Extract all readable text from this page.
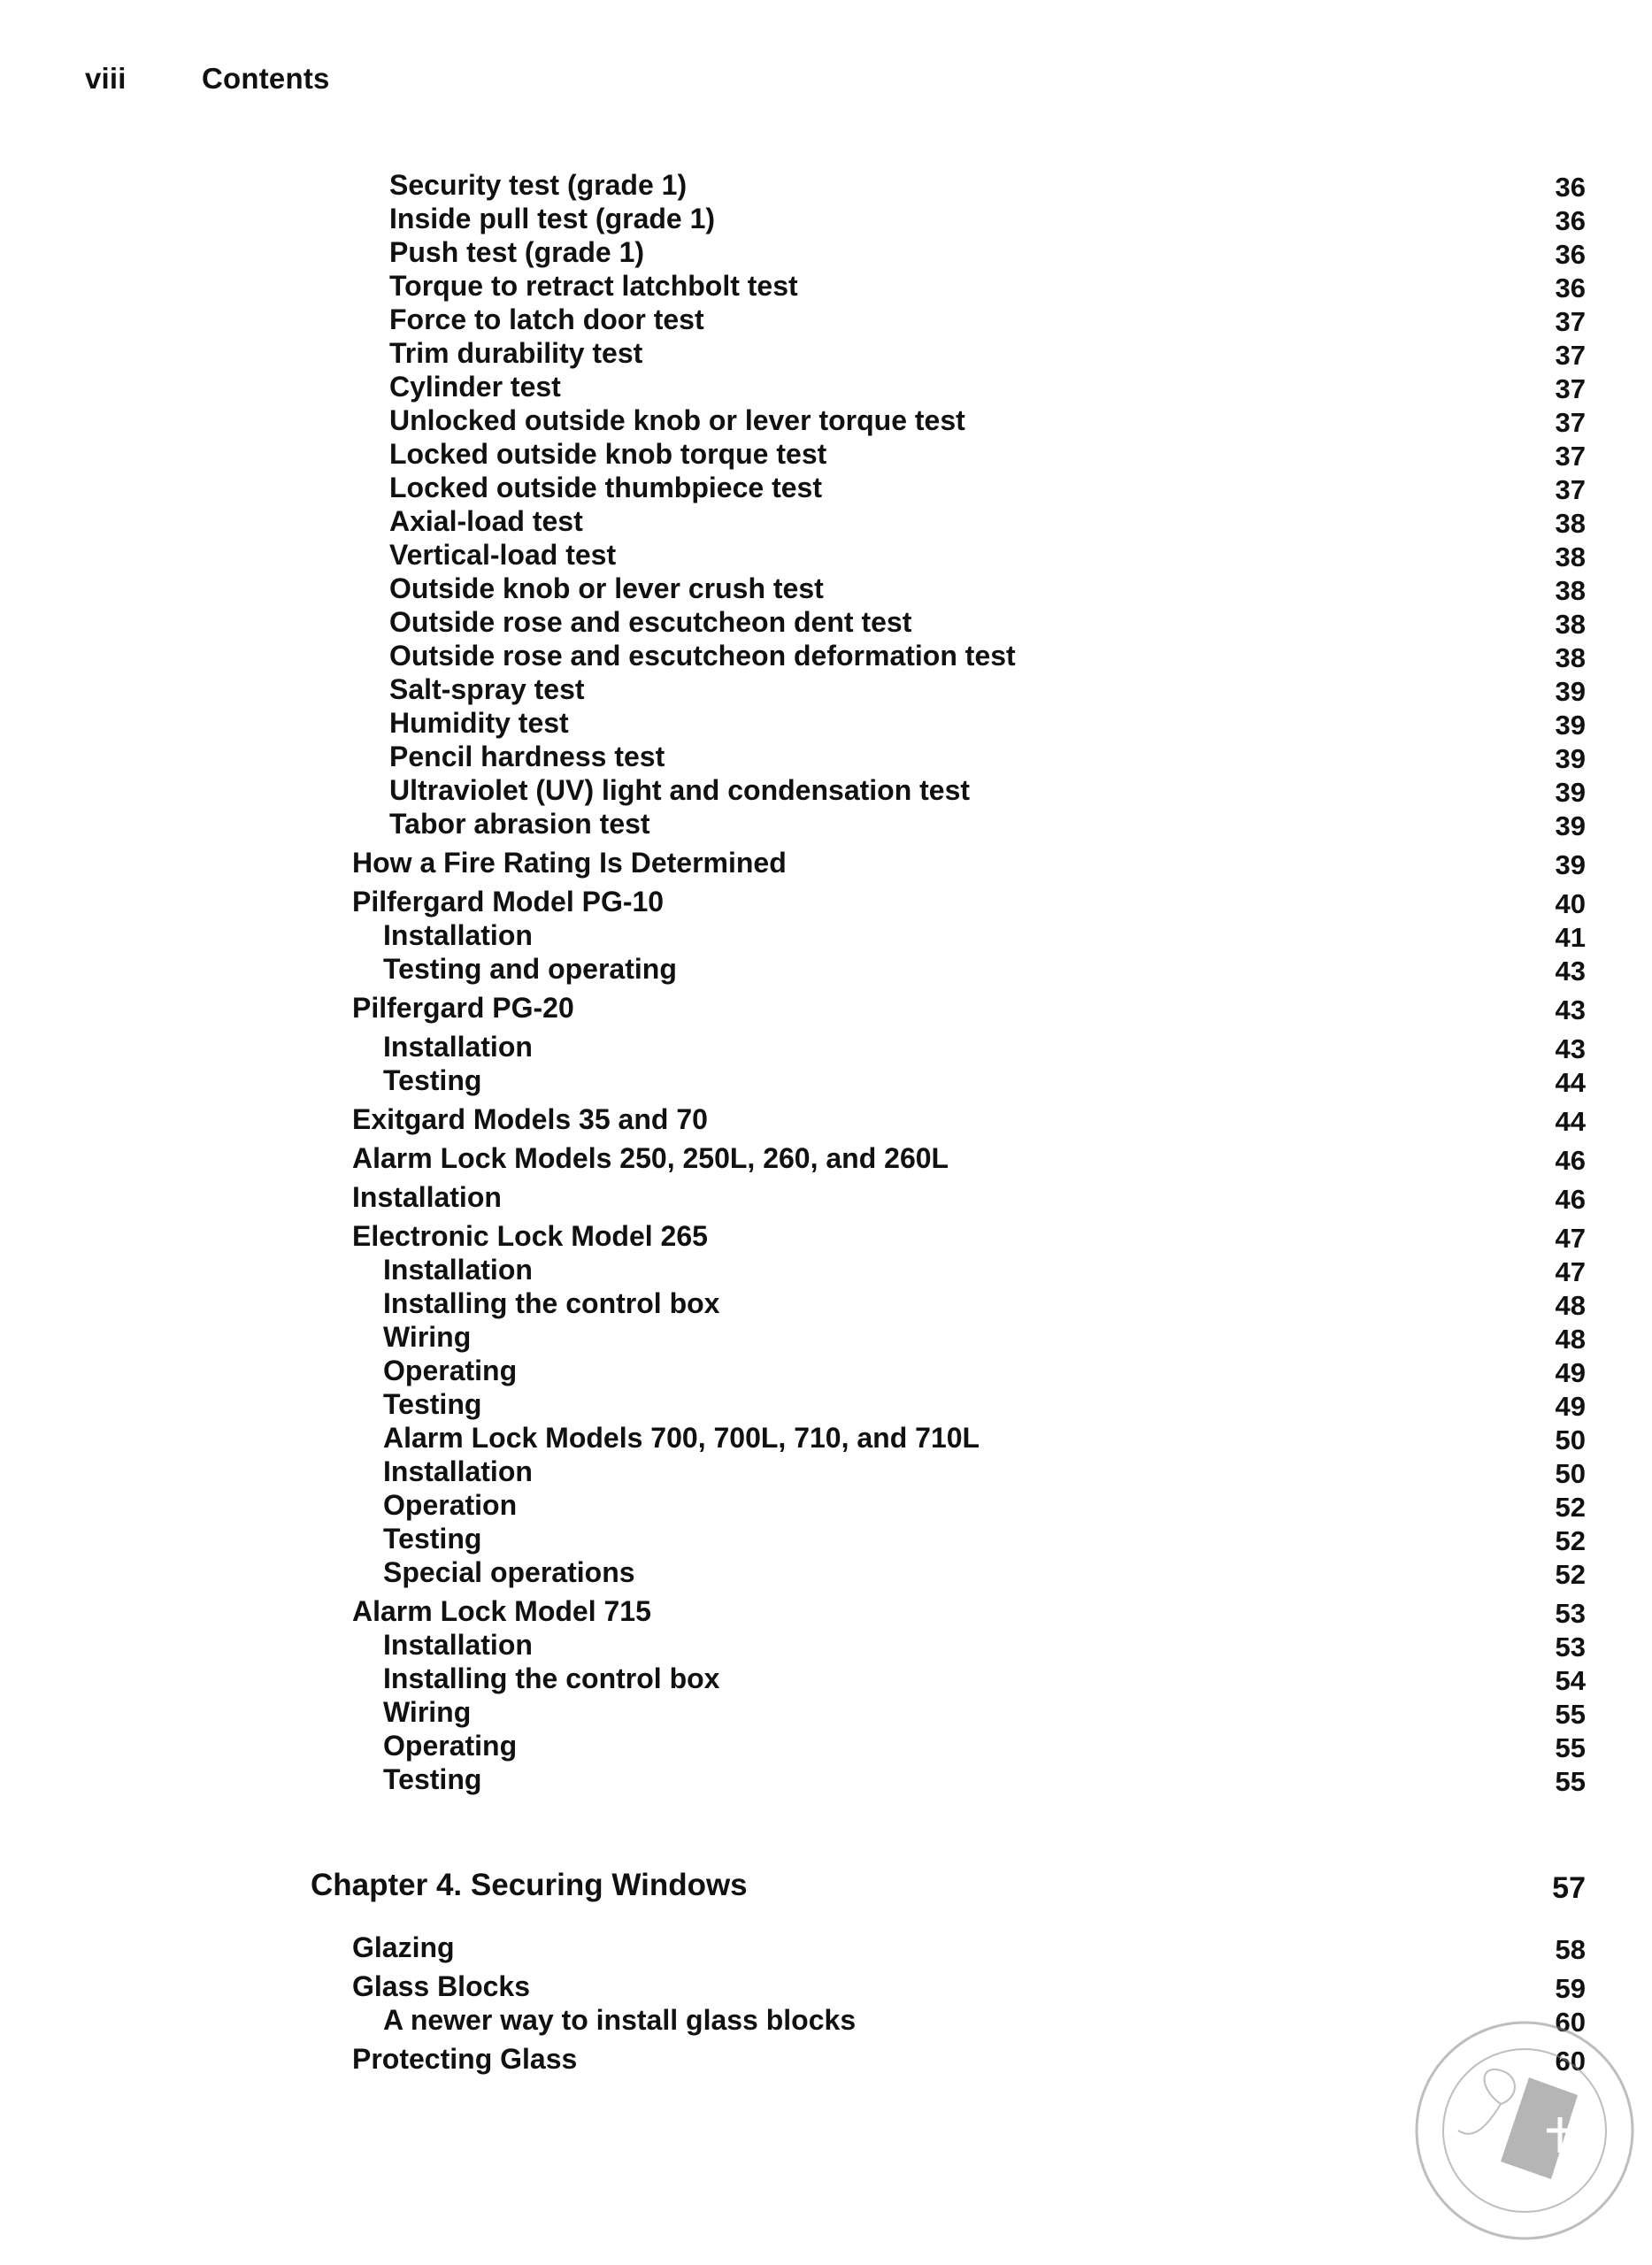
viii	Contents
Security test (grade 1)	36
Inside pull test (grade 1)	36
Push test (grade 1)	36
Torque to retract latchbolt test	36
Force to latch door test	37
Trim durability test	37
Cylinder test	37
Unlocked outside knob or lever torque test	37
Locked outside knob torque test	37
Locked outside thumbpiece test	37
Axial-load test	38
Vertical-load test	38
Outside knob or lever crush test	38
Outside rose and escutcheon dent test	38
Outside rose and escutcheon deformation test	38
Salt-spray test	39
Humidity test	39
Pencil hardness test	39
Ultraviolet (UV) light and condensation test	39
Tabor abrasion test	39
How a Fire Rating Is Determined	39
Pilfergard Model PG-10	40
Installation	41
Testing and operating	43
Pilfergard PG-20	43
Installation	43
Testing	44
Exitgard Models 35 and 70	44
Alarm Lock Models 250, 250L, 260, and 260L	46
Installation	46
Electronic Lock Model 265	47
Installation	47
Installing the control box	48
Wiring	48
Operating	49
Testing	49
Alarm Lock Models 700, 700L, 710, and 710L	50
Installation	50
Operation	52
Testing	52
Special operations	52
Alarm Lock Model 715	53
Installation	53
Installing the control box	54
Wiring	55
Operating	55
Testing	55
Chapter 4. Securing Windows	57
Glazing	58
Glass Blocks	59
A newer way to install glass blocks	60
Protecting Glass	60
